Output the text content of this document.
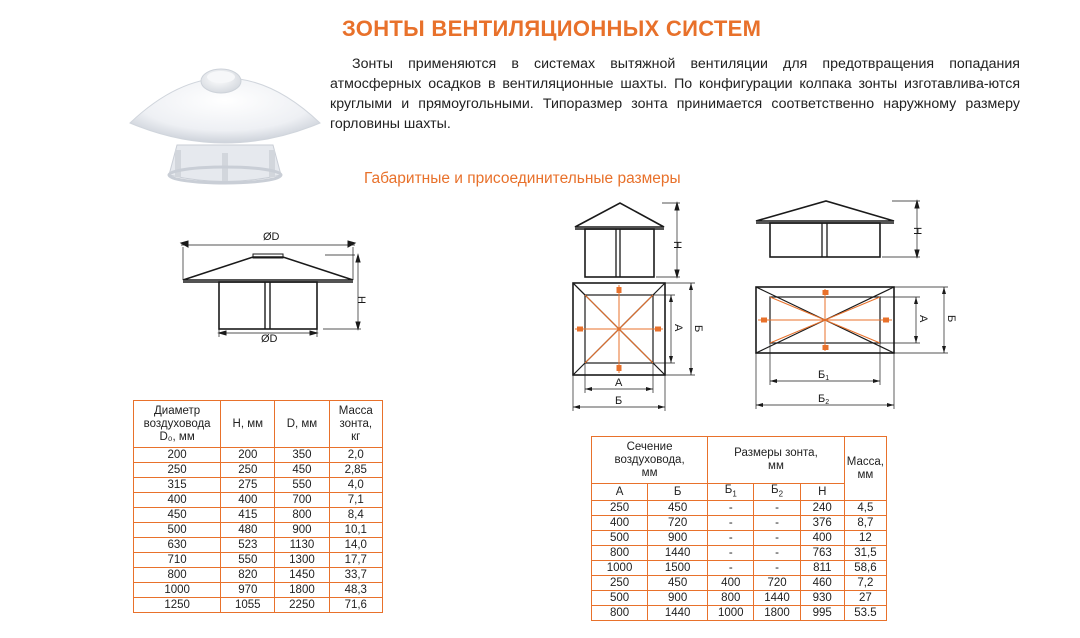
ЗОНТЫ ВЕНТИЛЯЦИОННЫХ СИСТЕМ
Зонты применяются в системах вытяжной вентиляции для предотвращения попадания атмосферных осадков в вентиляционные шахты. По конфигурации колпака зонты изготавлива-ются круглыми и прямоугольными. Типоразмер зонта принимается соответственно наружному размеру горловины шахты.
Габаритные и присоединительные размеры
ØD
ØD
H
H
A Б
A
Б
H
A Б
Б1
Б2
Диаметр
воздуховода
D₀, мм	H, мм	D, мм	Масса
зонта,
кг
200	200	350	2,0
250	250	450	2,85
315	275	550	4,0
400	400	700	7,1
450	415	800	8,4
500	480	900	10,1
630	523	1130	14,0
710	550	1300	17,7
800	820	1450	33,7
1000	970	1800	48,3
1250	1055	2250	71,6
Сечение
воздуховода,
мм		Размеры зонта,
мм			Масса,
мм
A	Б	$Б_1$	$Б_2$	H	
250	450	-	-	240	4,5
400	720	-	-	376	8,7
500	900	-	-	400	12
800	1440	-	-	763	31,5
1000	1500	-	-	811	58,6
250	450	400	720	460	7,2
500	900	800	1440	930	27
800	1440	1000	1800	995	53.5
